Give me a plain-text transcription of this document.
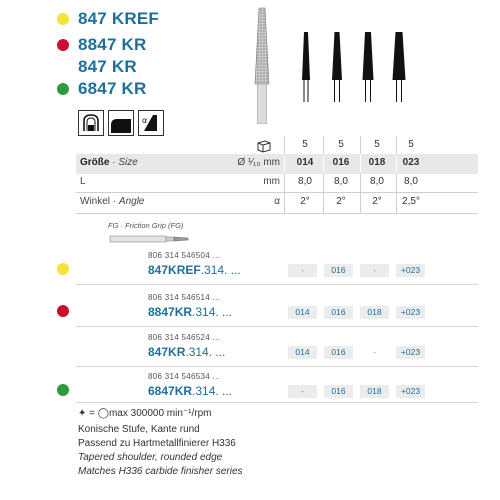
847 KREF
8847 KR
847 KR
6847 KR
α
5	5	5	5
Größe · Size	Ø ¹⁄₁₀ mm	014	016	018	023
L	mm	8,0	8,0	8,0	8,0
Winkel · Angle	α	2°	2°	2°	2,5°
FG · Friction Grip (FG)
806 314 546504 ...
847KREF.314. ...	-	016	-	+023
806 314 546514 ...
8847KR.314. ...	014	016	018	+023
806 314 546524 ...
847KR.314. ...	014	016	-	+023
806 314 546534 ...
6847KR.314. ...	-	016	018	+023
✦ = ◯max 300000 min⁻¹/rpm
Konische Stufe, Kante rund
Passend zu Hartmetallfinierer H336
Tapered shoulder, rounded edge
Matches H336 carbide finisher series
